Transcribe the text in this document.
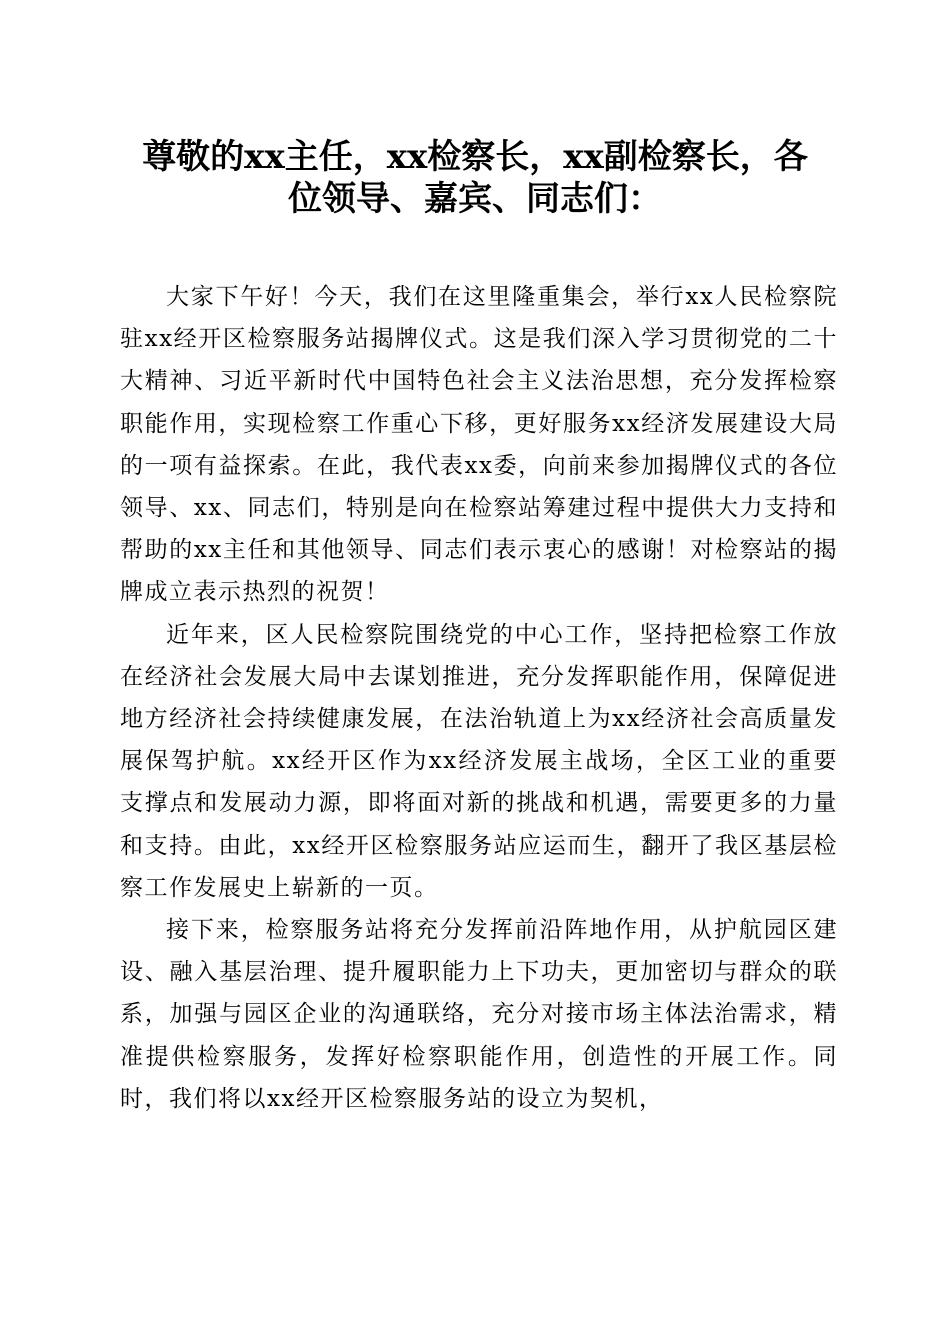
尊敬的xx主任，xx检察长，xx副检察长，各
位领导、嘉宾、同志们：

大家下午好！今天，我们在这里隆重集会，举行xx人民检察院驻xx经开区检察服务站揭牌仪式。这是我们深入学习贯彻党的二十大精神、习近平新时代中国特色社会主义法治思想，充分发挥检察职能作用，实现检察工作重心下移，更好服务xx经济发展建设大局的一项有益探索。在此，我代表xx委，向前来参加揭牌仪式的各位领导、xx、同志们，特别是向在检察站筹建过程中提供大力支持和帮助的xx主任和其他领导、同志们表示衷心的感谢！对检察站的揭牌成立表示热烈的祝贺！

近年来，区人民检察院围绕党的中心工作，坚持把检察工作放在经济社会发展大局中去谋划推进，充分发挥职能作用，保障促进地方经济社会持续健康发展，在法治轨道上为xx经济社会高质量发展保驾护航。xx经开区作为xx经济发展主战场，全区工业的重要支撑点和发展动力源，即将面对新的挑战和机遇，需要更多的力量和支持。由此，xx经开区检察服务站应运而生，翻开了我区基层检察工作发展史上崭新的一页。

接下来，检察服务站将充分发挥前沿阵地作用，从护航园区建设、融入基层治理、提升履职能力上下功夫，更加密切与群众的联系，加强与园区企业的沟通联络，充分对接市场主体法治需求，精准提供检察服务，发挥好检察职能作用，创造性的开展工作。同时，我们将以xx经开区检察服务站的设立为契机，
